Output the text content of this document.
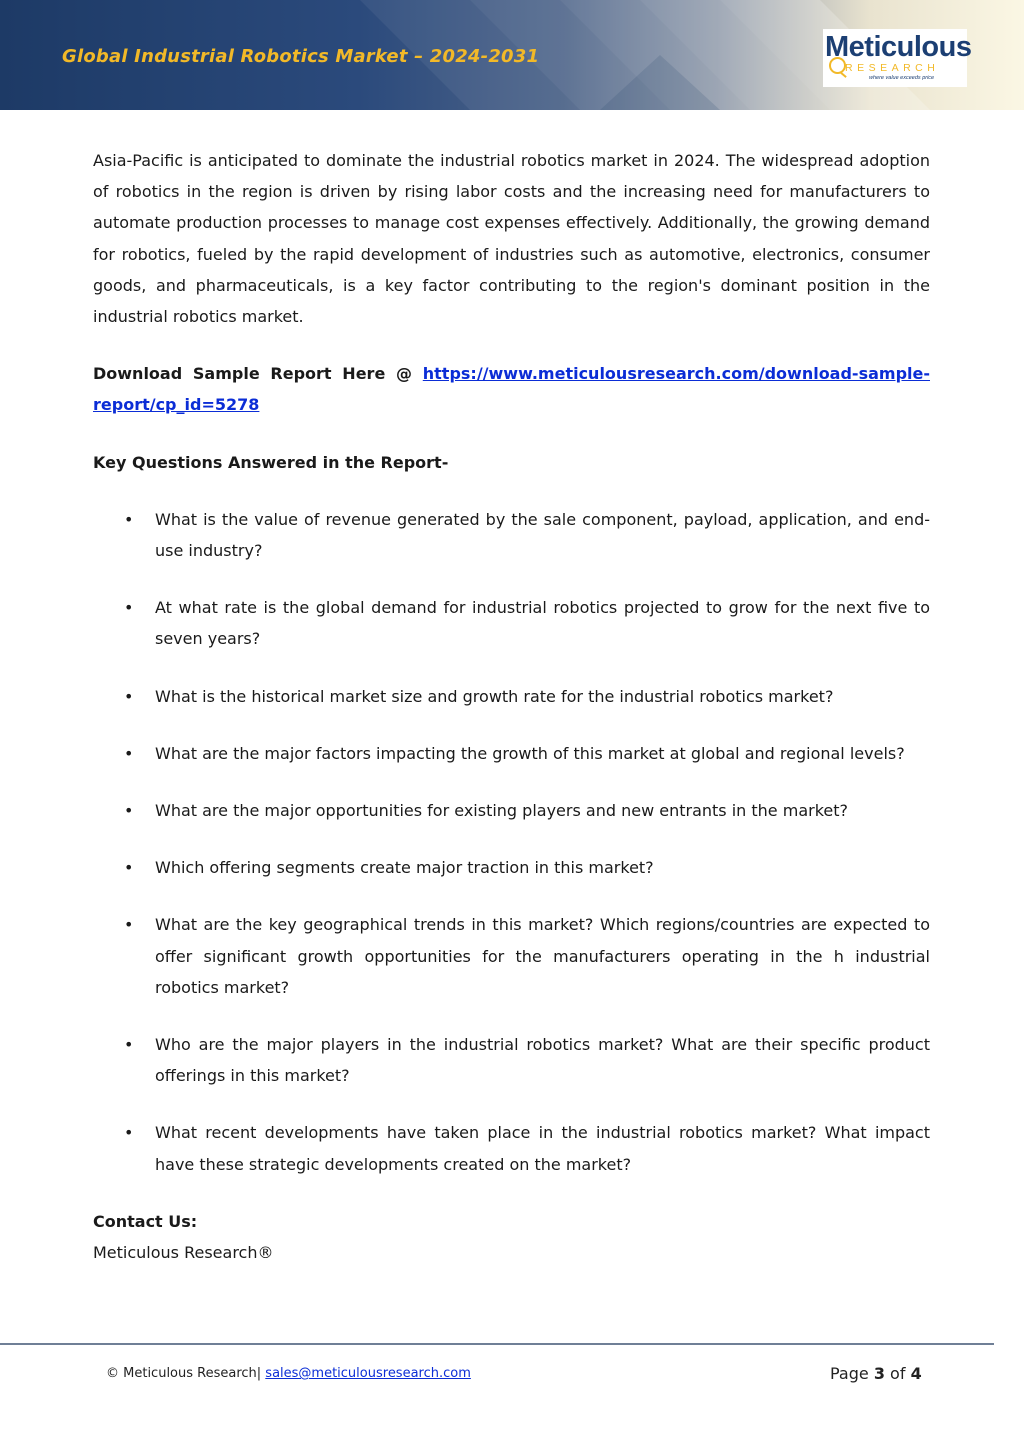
Global Industrial Robotics Market – 2024-2031	Meticulous
RESEARCH
where value exceeds price

Asia-Pacific is anticipated to dominate the industrial robotics market in 2024. The widespread adoption of robotics in the region is driven by rising labor costs and the increasing need for manufacturers to automate production processes to manage cost expenses effectively. Additionally, the growing demand for robotics, fueled by the rapid development of industries such as automotive, electronics, consumer goods, and pharmaceuticals, is a key factor contributing to the region's dominant position in the industrial robotics market.

Download Sample Report Here @ https://www.meticulousresearch.com/download-sample-report/cp_id=5278

Key Questions Answered in the Report-

• What is the value of revenue generated by the sale component, payload, application, and end-use industry?
• At what rate is the global demand for industrial robotics projected to grow for the next five to seven years?
• What is the historical market size and growth rate for the industrial robotics market?
• What are the major factors impacting the growth of this market at global and regional levels?
• What are the major opportunities for existing players and new entrants in the market?
• Which offering segments create major traction in this market?
• What are the key geographical trends in this market? Which regions/countries are expected to offer significant growth opportunities for the manufacturers operating in the h industrial robotics market?
• Who are the major players in the industrial robotics market? What are their specific product offerings in this market?
• What recent developments have taken place in the industrial robotics market? What impact have these strategic developments created on the market?

Contact Us:

Meticulous Research®

© Meticulous Research| sales@meticulousresearch.com	Page 3 of 4
